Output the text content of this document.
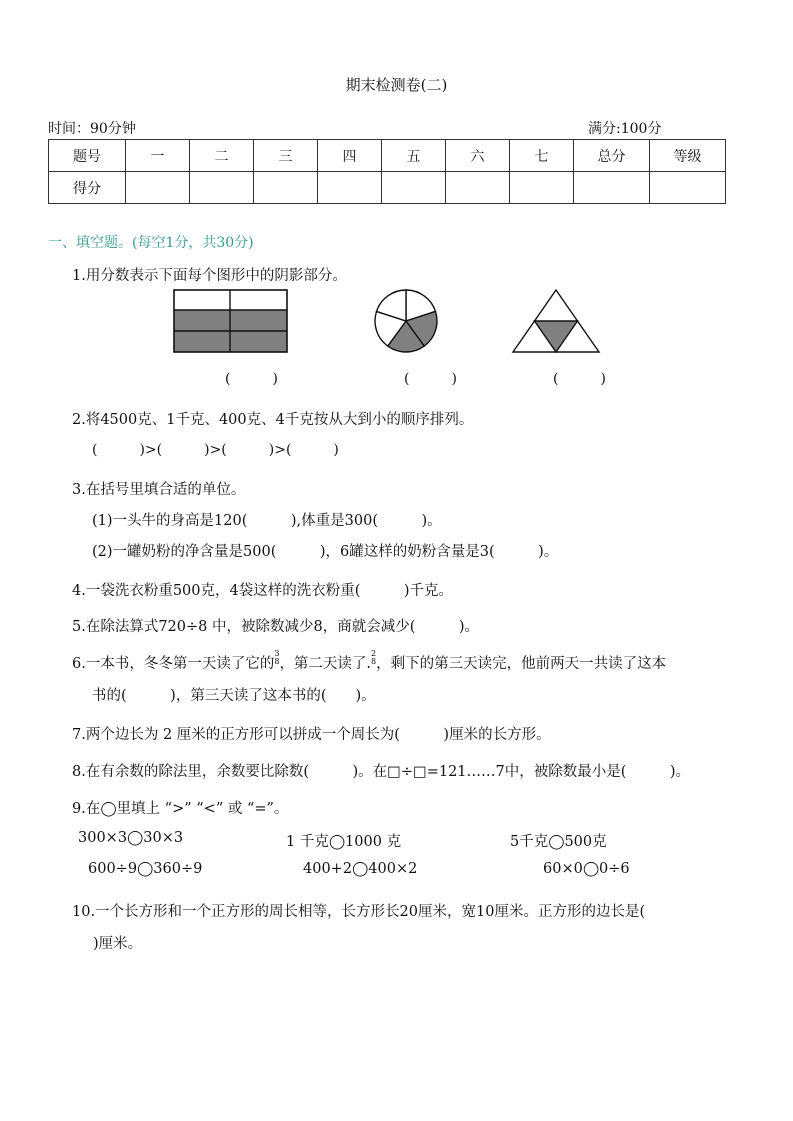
期末检测卷(二)
时间：90分钟	满分:100分
题号	一	二	三	四	五	六	七	总分	等级
得分									
一、填空题。(每空1分，共30分)
1.用分数表示下面每个图形中的阴影部分。
(　　　)	(　　　)	(　　　)
2.将4500克、1千克、400克、4千克按从大到小的顺序排列。
(　　　)>(　　　)>(　　　)>(　　　)
3.在括号里填合适的单位。
(1)一头牛的身高是120(　　　),体重是300(　　　)。
(2)一罐奶粉的净含量是500(　　　)，6罐这样的奶粉含量是3(　　　)。
4.一袋洗衣粉重500克，4袋这样的洗衣粉重(　　　)千克。
5.在除法算式720÷8 中，被除数减少8，商就会减少(　　　)。
6.一本书，冬冬第一天读了它的
3
8 ，第二天读了.
2
8 ，剩下的第三天读完，他前两天一共读了这本
书的(　　　)，第三天读了这本书的(　　)。
7.两个边长为 2 厘米的正方形可以拼成一个周长为(　　　)厘米的长方形。
8.在有余数的除法里，余数要比除数(　　　)。在□÷□=121……7中，被除数最小是(　　　)。
9.在◯里填上 “>” “<” 或 “=”。
300×3◯30×3	1 千克◯1000 克	5千克◯500克
600÷9◯360÷9	400+2◯400×2	60×0◯0÷6
10.一个长方形和一个正方形的周长相等，长方形长20厘米，宽10厘米。正方形的边长是(
)厘米。
